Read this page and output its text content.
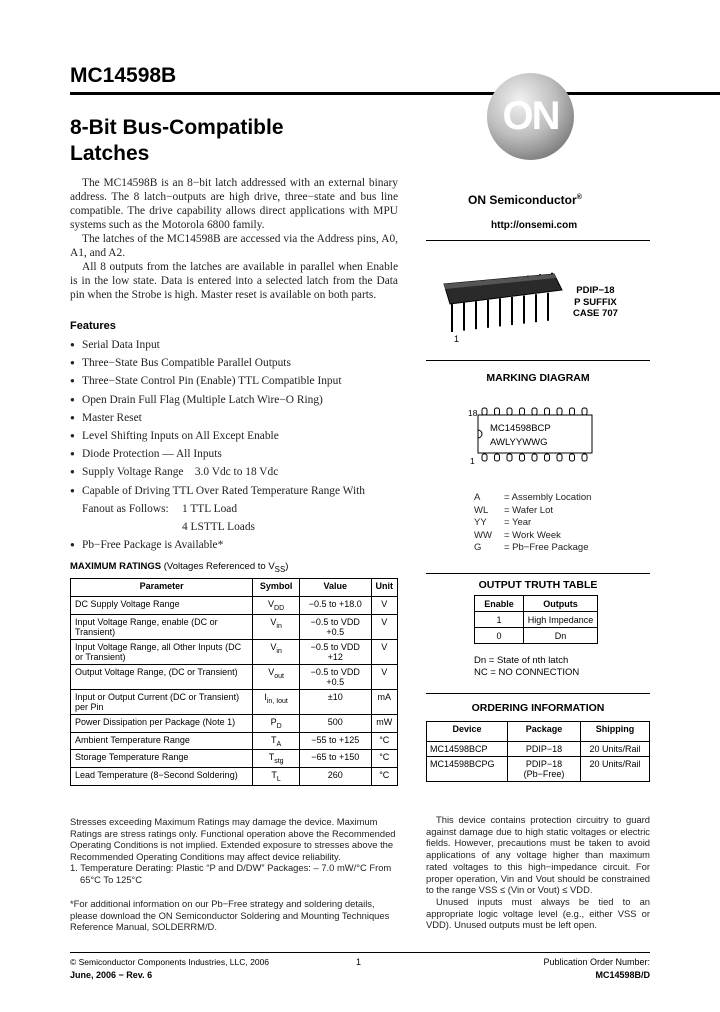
MC14598B
8-Bit Bus-Compatible
Latches

The MC14598B is an 8−bit latch addressed with an external binary address. The 8 latch−outputs are high drive, three−state and bus line compatible. The drive capability allows direct applications with MPU systems such as the Motorola 6800 family.

The latches of the MC14598B are accessed via the Address pins, A0, A1, and A2.

All 8 outputs from the latches are available in parallel when Enable is in the low state. Data is entered into a selected latch from the Data pin when the Strobe is high. Master reset is available on both parts.

Features
● Serial Data Input
● Three−State Bus Compatible Parallel Outputs
● Three−State Control Pin (Enable) TTL Compatible Input
● Open Drain Full Flag (Multiple Latch Wire−O Ring)
● Master Reset
● Level Shifting Inputs on All Except Enable
● Diode Protection — All Inputs
● Supply Voltage Range    3.0 Vdc to 18 Vdc
● Capable of Driving TTL Over Rated Temperature Range With
Fanout as Follows: 1 TTL Load
4 LSTTL Loads
● Pb−Free Package is Available*
MAXIMUM RATINGS (Voltages Referenced to $V_{SS}$)
Parameter	Symbol	Value	Unit
DC Supply Voltage Range	$V_{DD}$	−0.5 to +18.0	V
Input Voltage Range, enable (DC or Transient)	$V_{in}$	−0.5 to VDD +0.5	V
Input Voltage Range, all Other Inputs (DC or Transient)	$V_{in}$	−0.5 to VDD +12	V
Output Voltage Range, (DC or Transient)	$V_{out}$	−0.5 to VDD +0.5	V
Input or Output Current (DC or Transient) per Pin	$I_{in, Iout}$	±10	mA
Power Dissipation per Package (Note 1)	$P_D$	500	mW
Ambient Temperature Range	$T_A$	−55 to +125	°C
Storage Temperature Range	$T_{stg}$	−65 to +150	°C
Lead Temperature (8−Second Soldering)	$T_L$	260	°C
Stresses exceeding Maximum Ratings may damage the device. Maximum Ratings are stress ratings only. Functional operation above the Recommended Operating Conditions is not implied. Extended exposure to stresses above the Recommended Operating Conditions may affect device reliability.
1. Temperature Derating: Plastic “P and D/DW” Packages: – 7.0 mW/°C From 65°C To 125°C
*For additional information on our Pb−Free strategy and soldering details, please download the ON Semiconductor Soldering and Mounting Techniques Reference Manual, SOLDERRM/D.
ON
ON Semiconductor®
http://onsemi.com
1
PDIP−18
P SUFFIX
CASE 707
MARKING DIAGRAM
18
1
MC14598BCP
AWLYYWWG
A = Assembly Location
WL = Wafer Lot
YY = Year
WW = Work Week
G = Pb−Free Package
OUTPUT TRUTH TABLE
Enable	Outputs
1	High Impedance
0	Dn
Dn = State of nth latch
NC = NO CONNECTION
ORDERING INFORMATION
Device	Package	Shipping
MC14598BCP	PDIP−18	20 Units/Rail
MC14598BCPG	PDIP−18 (Pb−Free)	20 Units/Rail

This device contains protection circuitry to guard against damage due to high static voltages or electric fields. However, precautions must be taken to avoid applications of any voltage higher than maximum rated voltages to this high−impedance circuit. For proper operation, Vin and Vout should be constrained to the range VSS ≤ (Vin or Vout) ≤ VDD.

Unused inputs must always be tied to an appropriate logic voltage level (e.g., either VSS or VDD). Unused outputs must be left open.

© Semiconductor Components Industries, LLC, 2006
June, 2006 − Rev. 6
1	Publication Order Number:
MC14598B/D
